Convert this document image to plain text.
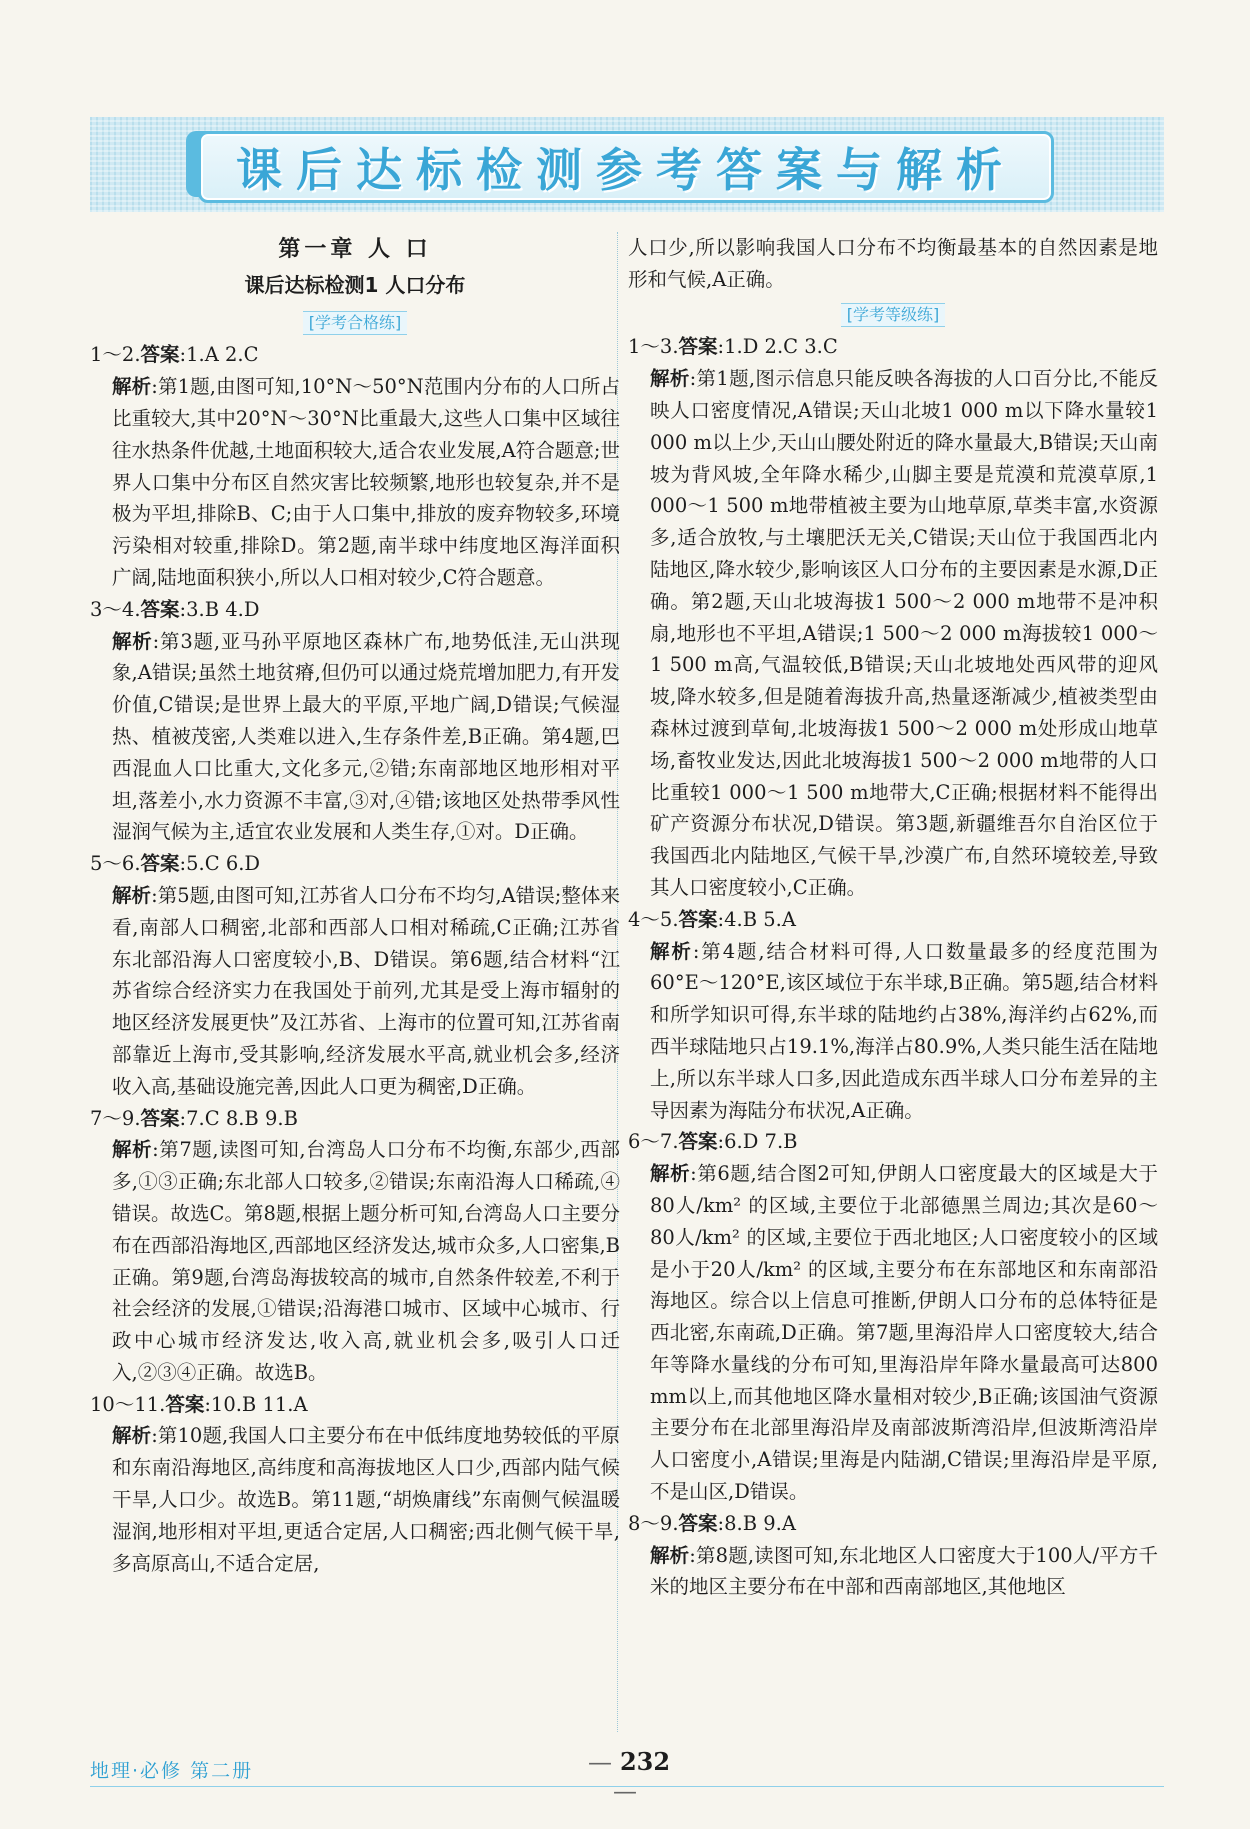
课后达标检测参考答案与解析
第一章 人 口
课后达标检测1 人口分布
[学考合格练]

1～2.答案:1.A 2.C

解析:第1题,由图可知,10°N～50°N范围内分布的人口所占比重较大,其中20°N～30°N比重最大,这些人口集中区域往往水热条件优越,土地面积较大,适合农业发展,A符合题意;世界人口集中分布区自然灾害比较频繁,地形也较复杂,并不是极为平坦,排除B、C;由于人口集中,排放的废弃物较多,环境污染相对较重,排除D。第2题,南半球中纬度地区海洋面积广阔,陆地面积狭小,所以人口相对较少,C符合题意。

3～4.答案:3.B 4.D

解析:第3题,亚马孙平原地区森林广布,地势低洼,无山洪现象,A错误;虽然土地贫瘠,但仍可以通过烧荒增加肥力,有开发价值,C错误;是世界上最大的平原,平地广阔,D错误;气候湿热、植被茂密,人类难以进入,生存条件差,B正确。第4题,巴西混血人口比重大,文化多元,②错;东南部地区地形相对平坦,落差小,水力资源不丰富,③对,④错;该地区处热带季风性湿润气候为主,适宜农业发展和人类生存,①对。D正确。

5～6.答案:5.C 6.D

解析:第5题,由图可知,江苏省人口分布不均匀,A错误;整体来看,南部人口稠密,北部和西部人口相对稀疏,C正确;江苏省东北部沿海人口密度较小,B、D错误。第6题,结合材料“江苏省综合经济实力在我国处于前列,尤其是受上海市辐射的地区经济发展更快”及江苏省、上海市的位置可知,江苏省南部靠近上海市,受其影响,经济发展水平高,就业机会多,经济收入高,基础设施完善,因此人口更为稠密,D正确。

7～9.答案:7.C 8.B 9.B

解析:第7题,读图可知,台湾岛人口分布不均衡,东部少,西部多,①③正确;东北部人口较多,②错误;东南沿海人口稀疏,④错误。故选C。第8题,根据上题分析可知,台湾岛人口主要分布在西部沿海地区,西部地区经济发达,城市众多,人口密集,B正确。第9题,台湾岛海拔较高的城市,自然条件较差,不利于社会经济的发展,①错误;沿海港口城市、区域中心城市、行政中心城市经济发达,收入高,就业机会多,吸引人口迁入,②③④正确。故选B。

10～11.答案:10.B 11.A

解析:第10题,我国人口主要分布在中低纬度地势较低的平原和东南沿海地区,高纬度和高海拔地区人口少,西部内陆气候干旱,人口少。故选B。第11题,“胡焕庸线”东南侧气候温暖湿润,地形相对平坦,更适合定居,人口稠密;西北侧气候干旱,多高原高山,不适合定居,

人口少,所以影响我国人口分布不均衡最基本的自然因素是地形和气候,A正确。

[学考等级练]

1～3.答案:1.D 2.C 3.C

解析:第1题,图示信息只能反映各海拔的人口百分比,不能反映人口密度情况,A错误;天山北坡1 000 m以下降水量较1 000 m以上少,天山山腰处附近的降水量最大,B错误;天山南坡为背风坡,全年降水稀少,山脚主要是荒漠和荒漠草原,1 000～1 500 m地带植被主要为山地草原,草类丰富,水资源多,适合放牧,与土壤肥沃无关,C错误;天山位于我国西北内陆地区,降水较少,影响该区人口分布的主要因素是水源,D正确。第2题,天山北坡海拔1 500～2 000 m地带不是冲积扇,地形也不平坦,A错误;1 500～2 000 m海拔较1 000～1 500 m高,气温较低,B错误;天山北坡地处西风带的迎风坡,降水较多,但是随着海拔升高,热量逐渐减少,植被类型由森林过渡到草甸,北坡海拔1 500～2 000 m处形成山地草场,畜牧业发达,因此北坡海拔1 500～2 000 m地带的人口比重较1 000～1 500 m地带大,C正确;根据材料不能得出矿产资源分布状况,D错误。第3题,新疆维吾尔自治区位于我国西北内陆地区,气候干旱,沙漠广布,自然环境较差,导致其人口密度较小,C正确。

4～5.答案:4.B 5.A

解析:第4题,结合材料可得,人口数量最多的经度范围为60°E～120°E,该区域位于东半球,B正确。第5题,结合材料和所学知识可得,东半球的陆地约占38%,海洋约占62%,而西半球陆地只占19.1%,海洋占80.9%,人类只能生活在陆地上,所以东半球人口多,因此造成东西半球人口分布差异的主导因素为海陆分布状况,A正确。

6～7.答案:6.D 7.B

解析:第6题,结合图2可知,伊朗人口密度最大的区域是大于80人/km² 的区域,主要位于北部德黑兰周边;其次是60～80人/km² 的区域,主要位于西北地区;人口密度较小的区域是小于20人/km² 的区域,主要分布在东部地区和东南部沿海地区。综合以上信息可推断,伊朗人口分布的总体特征是西北密,东南疏,D正确。第7题,里海沿岸人口密度较大,结合年等降水量线的分布可知,里海沿岸年降水量最高可达800 mm以上,而其他地区降水量相对较少,B正确;该国油气资源主要分布在北部里海沿岸及南部波斯湾沿岸,但波斯湾沿岸人口密度小,A错误;里海是内陆湖,C错误;里海沿岸是平原,不是山区,D错误。

8～9.答案:8.B 9.A

解析:第8题,读图可知,东北地区人口密度大于100人/平方千米的地区主要分布在中部和西南部地区,其他地区

地理·必修 第二册
—	232 —
